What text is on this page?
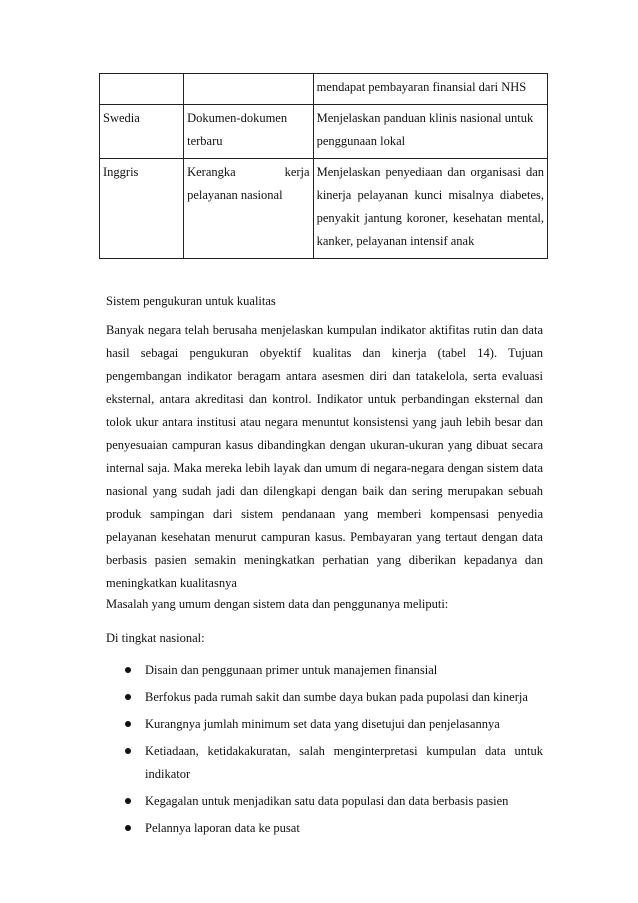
		mendapat pembayaran finansial dari NHS
Swedia	Dokumen-dokumen terbaru	Menjelaskan panduan klinis nasional untuk penggunaan lokal
Inggris	Kerangka kerja pelayanan nasional	Menjelaskan penyediaan dan organisasi dan kinerja pelayanan kunci misalnya diabetes, penyakit jantung koroner, kesehatan mental, kanker, pelayanan intensif anak

Sistem pengukuran untuk kualitas

Banyak negara telah berusaha menjelaskan kumpulan indikator aktifitas rutin dan data hasil sebagai pengukuran obyektif kualitas dan kinerja (tabel 14). Tujuan pengembangan indikator beragam antara asesmen diri dan tatakelola, serta evaluasi eksternal, antara akreditasi dan kontrol. Indikator untuk perbandingan eksternal dan tolok ukur antara institusi atau negara menuntut konsistensi yang jauh lebih besar dan penyesuaian campuran kasus dibandingkan dengan ukuran-ukuran yang dibuat secara internal saja. Maka mereka lebih layak dan umum di negara-negara dengan sistem data nasional yang sudah jadi dan dilengkapi dengan baik dan sering merupakan sebuah produk sampingan dari sistem pendanaan yang memberi kompensasi penyedia pelayanan kesehatan menurut campuran kasus. Pembayaran yang tertaut dengan data berbasis pasien semakin meningkatkan perhatian yang diberikan kepadanya dan meningkatkan kualitasnya

Masalah yang umum dengan sistem data dan penggunanya meliputi:

Di tingkat nasional:

Disain dan penggunaan primer untuk manajemen finansial
Berfokus pada rumah sakit dan sumbe daya bukan pada pupolasi dan kinerja
Kurangnya jumlah minimum set data yang disetujui dan penjelasannya
Ketiadaan, ketidakakuratan, salah menginterpretasi kumpulan data untuk indikator
Kegagalan untuk menjadikan satu data populasi dan data berbasis pasien
Pelannya laporan data ke pusat
